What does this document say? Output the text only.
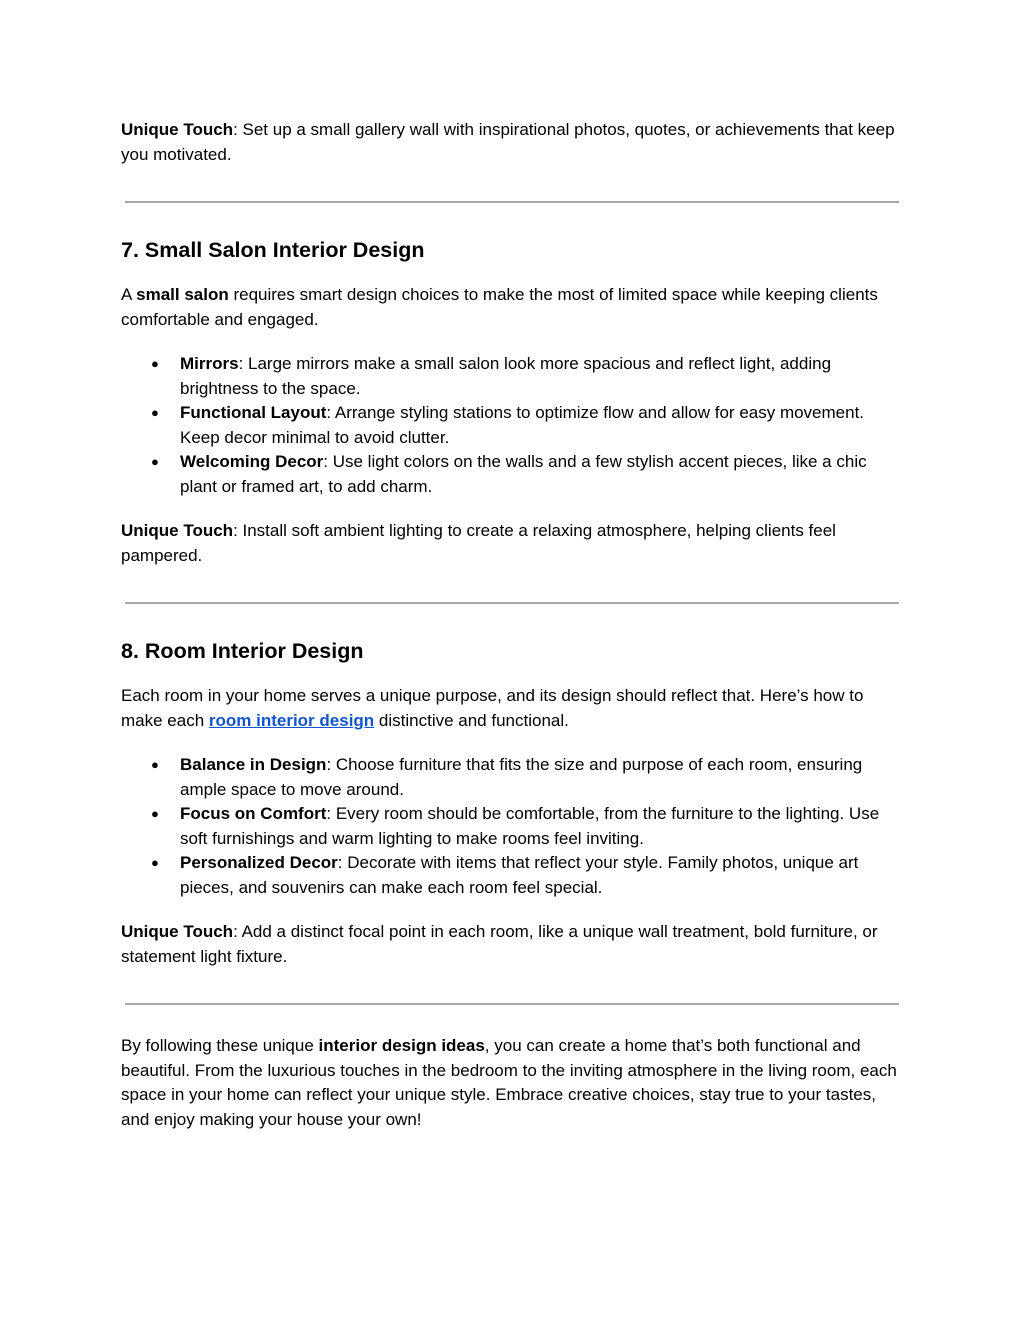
Unique Touch: Set up a small gallery wall with inspirational photos, quotes, or achievements that keep you motivated.

7. Small Salon Interior Design

A small salon requires smart design choices to make the most of limited space while keeping clients comfortable and engaged.

● Mirrors: Large mirrors make a small salon look more spacious and reflect light, adding brightness to the space.
● Functional Layout: Arrange styling stations to optimize flow and allow for easy movement. Keep decor minimal to avoid clutter.
● Welcoming Decor: Use light colors on the walls and a few stylish accent pieces, like a chic plant or framed art, to add charm.

Unique Touch: Install soft ambient lighting to create a relaxing atmosphere, helping clients feel pampered.

8. Room Interior Design

Each room in your home serves a unique purpose, and its design should reflect that. Here’s how to make each room interior design distinctive and functional.

● Balance in Design: Choose furniture that fits the size and purpose of each room, ensuring ample space to move around.
● Focus on Comfort: Every room should be comfortable, from the furniture to the lighting. Use soft furnishings and warm lighting to make rooms feel inviting.
● Personalized Decor: Decorate with items that reflect your style. Family photos, unique art pieces, and souvenirs can make each room feel special.

Unique Touch: Add a distinct focal point in each room, like a unique wall treatment, bold furniture, or statement light fixture.

By following these unique interior design ideas, you can create a home that’s both functional and beautiful. From the luxurious touches in the bedroom to the inviting atmosphere in the living room, each space in your home can reflect your unique style. Embrace creative choices, stay true to your tastes, and enjoy making your house your own!
